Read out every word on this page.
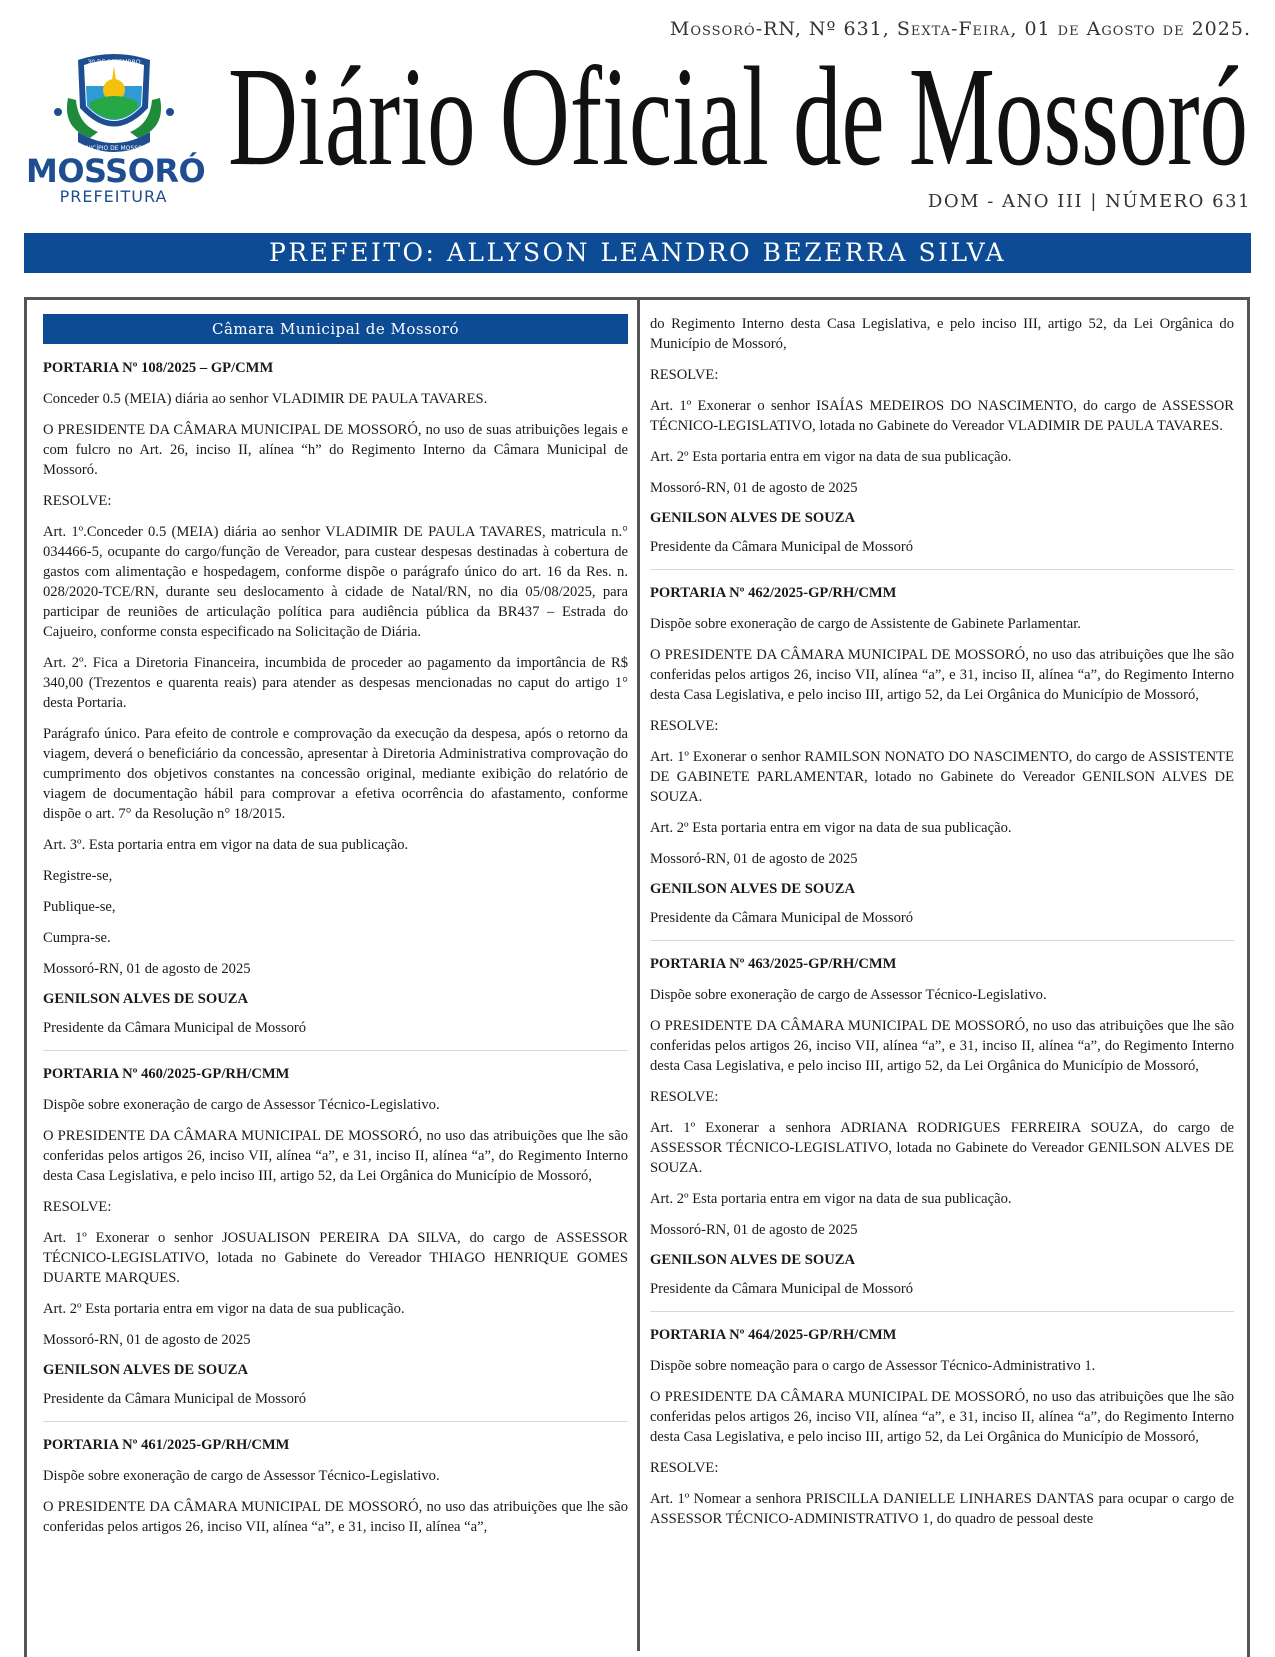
Mossoró-RN, Nº 631, Sexta-Feira, 01 de Agosto de 2025.
30 DE SETEMBRO
MUNICÍPIO DE MOSSORÓ
MOSSORÓ
PREFEITURA
Diário Oficial de Mossoró
DOM - ANO III | NÚMERO 631
PREFEITO: ALLYSON LEANDRO BEZERRA SILVA
Câmara Municipal de Mossoró

PORTARIA Nº 108/2025 – GP/CMM

Conceder 0.5 (MEIA) diária ao senhor VLADIMIR DE PAULA TAVARES.

O PRESIDENTE DA CÂMARA MUNICIPAL DE MOSSORÓ, no uso de suas atribuições legais e com fulcro no Art. 26, inciso II, alínea “h” do Regimento Interno da Câmara Municipal de Mossoró.

RESOLVE:

Art. 1º.Conceder 0.5 (MEIA) diária ao senhor VLADIMIR DE PAULA TAVARES, matricula n.° 034466-5, ocupante do cargo/função de Vereador, para custear despesas destinadas à cobertura de gastos com alimentação e hospedagem, conforme dispõe o parágrafo único do art. 16 da Res. n. 028/2020-TCE/RN, durante seu deslocamento à cidade de Natal/RN, no dia 05/08/2025, para participar de reuniões de articulação política para audiência pública da BR437 – Estrada do Cajueiro, conforme consta especificado na Solicitação de Diária.

Art. 2º. Fica a Diretoria Financeira, incumbida de proceder ao pagamento da importância de R$ 340,00 (Trezentos e quarenta reais) para atender as despesas mencionadas no caput do artigo 1° desta Portaria.

Parágrafo único. Para efeito de controle e comprovação da execução da despesa, após o retorno da viagem, deverá o beneficiário da concessão, apresentar à Diretoria Administrativa comprovação do cumprimento dos objetivos constantes na concessão original, mediante exibição do relatório de viagem de documentação hábil para comprovar a efetiva ocorrência do afastamento, conforme dispõe o art. 7° da Resolução n° 18/2015.

Art. 3º. Esta portaria entra em vigor na data de sua publicação.

Registre-se,

Publique-se,

Cumpra-se.

Mossoró-RN, 01 de agosto de 2025

GENILSON ALVES DE SOUZA

Presidente da Câmara Municipal de Mossoró

PORTARIA Nº 460/2025-GP/RH/CMM

Dispõe sobre exoneração de cargo de Assessor Técnico-Legislativo.

O PRESIDENTE DA CÂMARA MUNICIPAL DE MOSSORÓ, no uso das atribuições que lhe são conferidas pelos artigos 26, inciso VII, alínea “a”, e 31, inciso II, alínea “a”, do Regimento Interno desta Casa Legislativa, e pelo inciso III, artigo 52, da Lei Orgânica do Município de Mossoró,

RESOLVE:

Art. 1º Exonerar o senhor JOSUALISON PEREIRA DA SILVA, do cargo de ASSESSOR TÉCNICO-LEGISLATIVO, lotada no Gabinete do Vereador THIAGO HENRIQUE GOMES DUARTE MARQUES.

Art. 2º Esta portaria entra em vigor na data de sua publicação.

Mossoró-RN, 01 de agosto de 2025

GENILSON ALVES DE SOUZA

Presidente da Câmara Municipal de Mossoró

PORTARIA Nº 461/2025-GP/RH/CMM

Dispõe sobre exoneração de cargo de Assessor Técnico-Legislativo.

O PRESIDENTE DA CÂMARA MUNICIPAL DE MOSSORÓ, no uso das atribuições que lhe são conferidas pelos artigos 26, inciso VII, alínea “a”, e 31, inciso II, alínea “a”,

do Regimento Interno desta Casa Legislativa, e pelo inciso III, artigo 52, da Lei Orgânica do Município de Mossoró,

RESOLVE:

Art. 1º Exonerar o senhor ISAÍAS MEDEIROS DO NASCIMENTO, do cargo de ASSESSOR TÉCNICO-LEGISLATIVO, lotada no Gabinete do Vereador VLADIMIR DE PAULA TAVARES.

Art. 2º Esta portaria entra em vigor na data de sua publicação.

Mossoró-RN, 01 de agosto de 2025

GENILSON ALVES DE SOUZA

Presidente da Câmara Municipal de Mossoró

PORTARIA Nº 462/2025-GP/RH/CMM

Dispõe sobre exoneração de cargo de Assistente de Gabinete Parlamentar.

O PRESIDENTE DA CÂMARA MUNICIPAL DE MOSSORÓ, no uso das atribuições que lhe são conferidas pelos artigos 26, inciso VII, alínea “a”, e 31, inciso II, alínea “a”, do Regimento Interno desta Casa Legislativa, e pelo inciso III, artigo 52, da Lei Orgânica do Município de Mossoró,

RESOLVE:

Art. 1º Exonerar o senhor RAMILSON NONATO DO NASCIMENTO, do cargo de ASSISTENTE DE GABINETE PARLAMENTAR, lotado no Gabinete do Vereador GENILSON ALVES DE SOUZA.

Art. 2º Esta portaria entra em vigor na data de sua publicação.

Mossoró-RN, 01 de agosto de 2025

GENILSON ALVES DE SOUZA

Presidente da Câmara Municipal de Mossoró

PORTARIA Nº 463/2025-GP/RH/CMM

Dispõe sobre exoneração de cargo de Assessor Técnico-Legislativo.

O PRESIDENTE DA CÂMARA MUNICIPAL DE MOSSORÓ, no uso das atribuições que lhe são conferidas pelos artigos 26, inciso VII, alínea “a”, e 31, inciso II, alínea “a”, do Regimento Interno desta Casa Legislativa, e pelo inciso III, artigo 52, da Lei Orgânica do Município de Mossoró,

RESOLVE:

Art. 1º Exonerar a senhora ADRIANA RODRIGUES FERREIRA SOUZA, do cargo de ASSESSOR TÉCNICO-LEGISLATIVO, lotada no Gabinete do Vereador GENILSON ALVES DE SOUZA.

Art. 2º Esta portaria entra em vigor na data de sua publicação.

Mossoró-RN, 01 de agosto de 2025

GENILSON ALVES DE SOUZA

Presidente da Câmara Municipal de Mossoró

PORTARIA Nº 464/2025-GP/RH/CMM

Dispõe sobre nomeação para o cargo de Assessor Técnico-Administrativo 1.

O PRESIDENTE DA CÂMARA MUNICIPAL DE MOSSORÓ, no uso das atribuições que lhe são conferidas pelos artigos 26, inciso VII, alínea “a”, e 31, inciso II, alínea “a”, do Regimento Interno desta Casa Legislativa, e pelo inciso III, artigo 52, da Lei Orgânica do Município de Mossoró,

RESOLVE:

Art. 1º Nomear a senhora PRISCILLA DANIELLE LINHARES DANTAS para ocupar o cargo de ASSESSOR TÉCNICO-ADMINISTRATIVO 1, do quadro de pessoal deste
